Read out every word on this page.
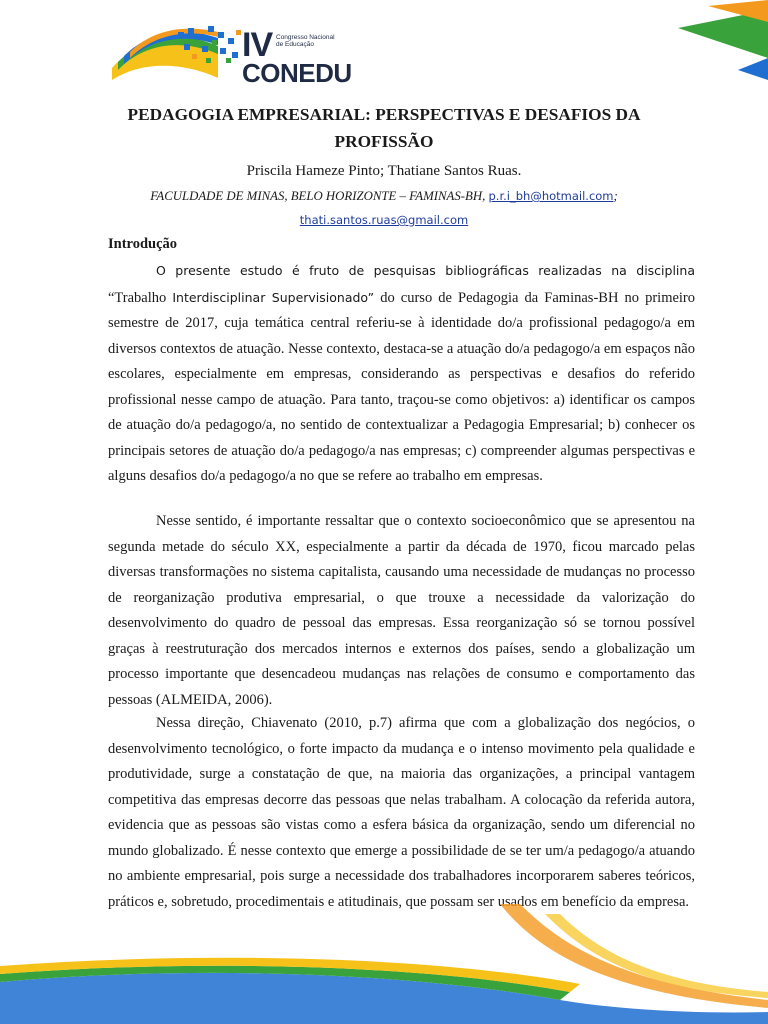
IV Congresso Nacional de Educação
CONEDU
PEDAGOGIA EMPRESARIAL: PERSPECTIVAS E DESAFIOS DA
PROFISSÃO
Priscila Hameze Pinto; Thatiane Santos Ruas.
FACULDADE DE MINAS, BELO HORIZONTE – FAMINAS-BH, p.r.i_bh@hotmail.com;
thati.santos.ruas@gmail.com
Introdução

O presente estudo é fruto de pesquisas bibliográficas realizadas na disciplina “Trabalho Interdisciplinar Supervisionado” do curso de Pedagogia da Faminas-BH no primeiro semestre de 2017, cuja temática central referiu-se à identidade do/a profissional pedagogo/a em diversos contextos de atuação. Nesse contexto, destaca-se a atuação do/a pedagogo/a em espaços não escolares, especialmente em empresas, considerando as perspectivas e desafios do referido profissional nesse campo de atuação. Para tanto, traçou-se como objetivos: a) identificar os campos de atuação do/a pedagogo/a, no sentido de contextualizar a Pedagogia Empresarial; b) conhecer os principais setores de atuação do/a pedagogo/a nas empresas; c) compreender algumas perspectivas e alguns desafios do/a pedagogo/a no que se refere ao trabalho em empresas.

Nesse sentido, é importante ressaltar que o contexto socioeconômico que se apresentou na segunda metade do século XX, especialmente a partir da década de 1970, ficou marcado pelas diversas transformações no sistema capitalista, causando uma necessidade de mudanças no processo de reorganização produtiva empresarial, o que trouxe a necessidade da valorização do desenvolvimento do quadro de pessoal das empresas. Essa reorganização só se tornou possível graças à reestruturação dos mercados internos e externos dos países, sendo a globalização um processo importante que desencadeou mudanças nas relações de consumo e comportamento das pessoas (ALMEIDA, 2006).

Nessa direção, Chiavenato (2010, p.7) afirma que com a globalização dos negócios, o desenvolvimento tecnológico, o forte impacto da mudança e o intenso movimento pela qualidade e produtividade, surge a constatação de que, na maioria das organizações, a principal vantagem competitiva das empresas decorre das pessoas que nelas trabalham. A colocação da referida autora, evidencia que as pessoas são vistas como a esfera básica da organização, sendo um diferencial no mundo globalizado. É nesse contexto que emerge a possibilidade de se ter um/a pedagogo/a atuando no ambiente empresarial, pois surge a necessidade dos trabalhadores incorporarem saberes teóricos, práticos e, sobretudo, procedimentais e atitudinais, que possam ser usados em benefício da empresa.
